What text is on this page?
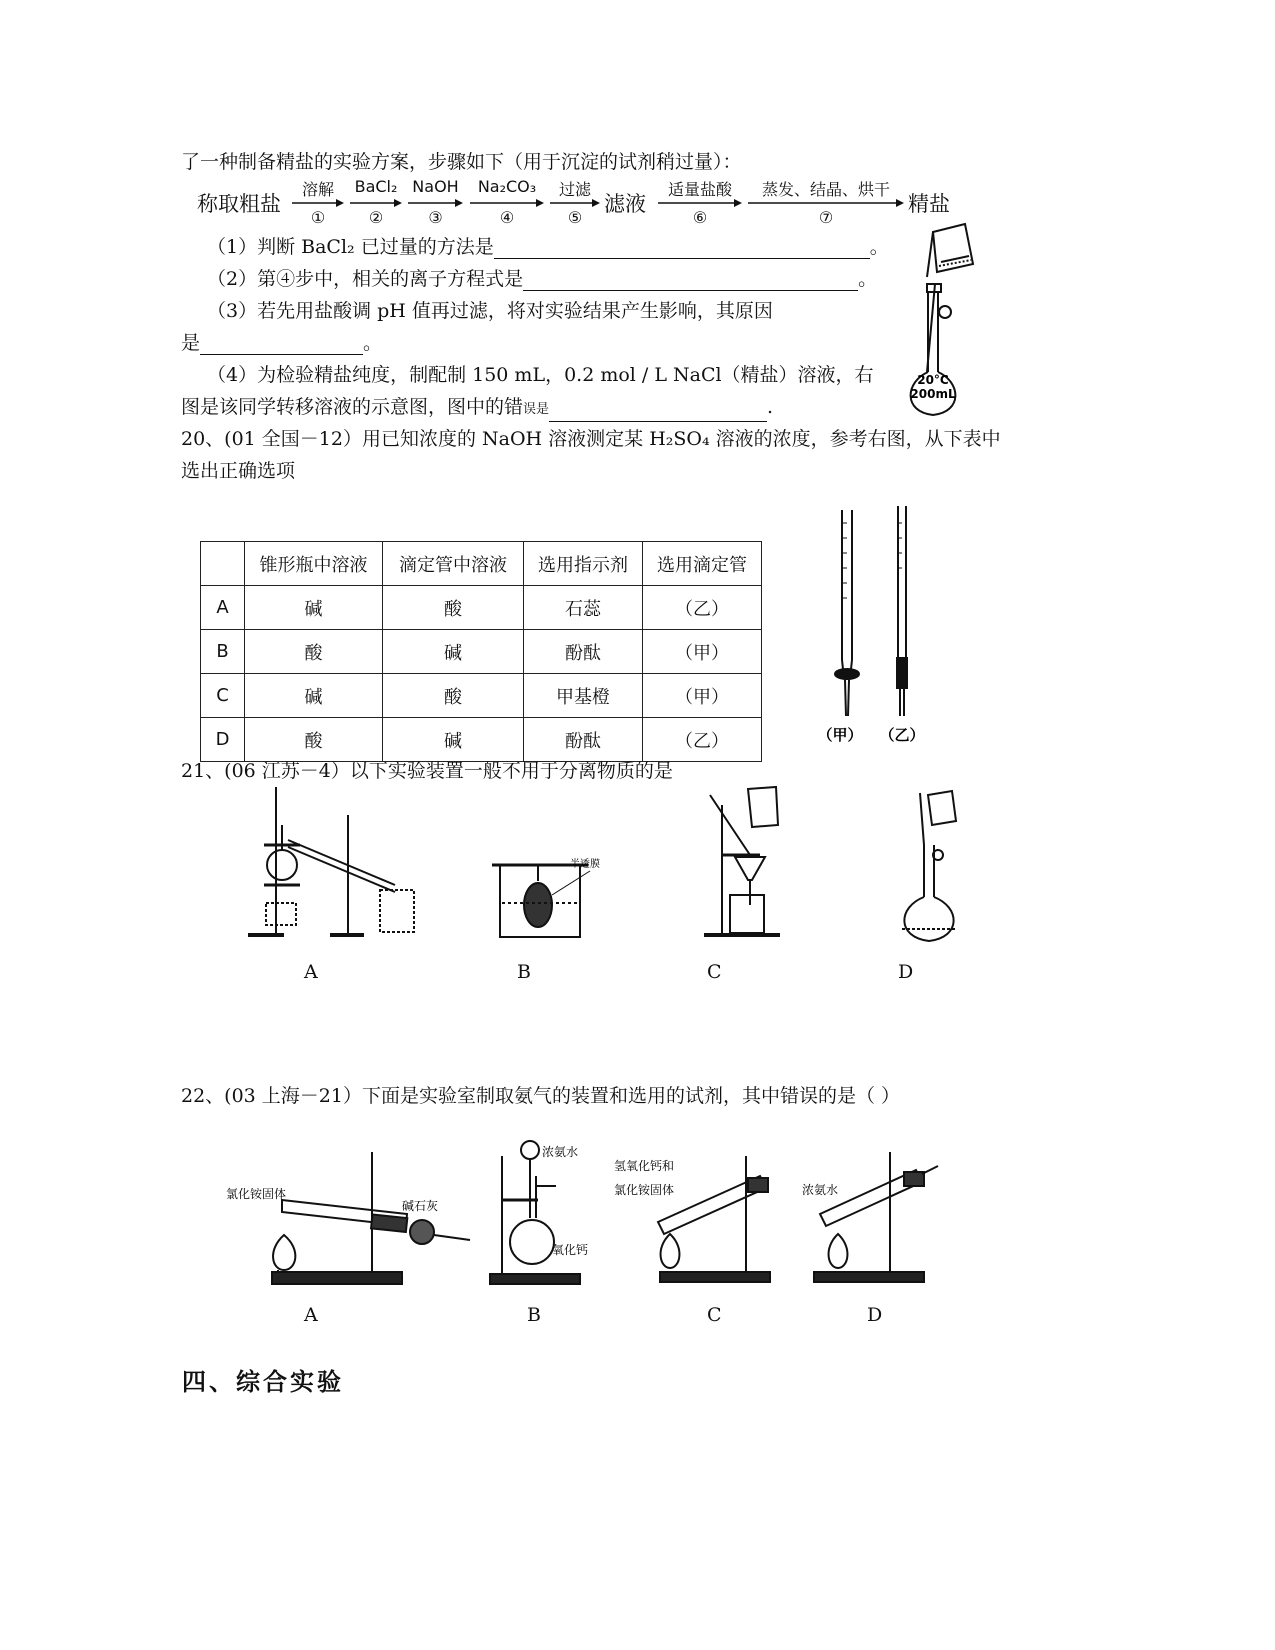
了一种制备精盐的实验方案，步骤如下（用于沉淀的试剂稍过量）：
称取粗盐
溶解
①
BaCl₂
②
NaOH
③
Na₂CO₃
④
过滤
⑤
滤液
适量盐酸
⑥
蒸发、结晶、烘干
⑦
精盐
（1）判断 BaCl₂ 已过量的方法是	。
（2）第④步中，相关的离子方程式是	。
（3）若先用盐酸调 pH 值再过滤，将对实验结果产生影响，其原因
是	。
（4）为检验精盐纯度，制配制 150 mL，0.2 mol / L NaCl（精盐）溶液，右
图是该同学转移溶液的示意图，图中的错误是	.
20°C
200mL
20、(01 全国－12）用已知浓度的 NaOH 溶液测定某 H₂SO₄ 溶液的浓度，参考右图，从下表中
选出正确选项
	锥形瓶中溶液	滴定管中溶液	选用指示剂	选用滴定管
A	碱	酸	石蕊	（乙）
B	酸	碱	酚酞	（甲）
C	碱	酸	甲基橙	（甲）
D	酸	碱	酚酞	（乙）	（甲） （乙）
21、(06 江苏－4）以下实验装置一般不用于分离物质的是
半透膜
A	B	C	D
22、(03 上海－21）下面是实验室制取氨气的装置和选用的试剂，其中错误的是（ ）
氯化铵固体
碱石灰
浓氨水
氧化钙
氢氧化钙和
氯化铵固体	浓氨水
A	B	C	D
四、综合实验
